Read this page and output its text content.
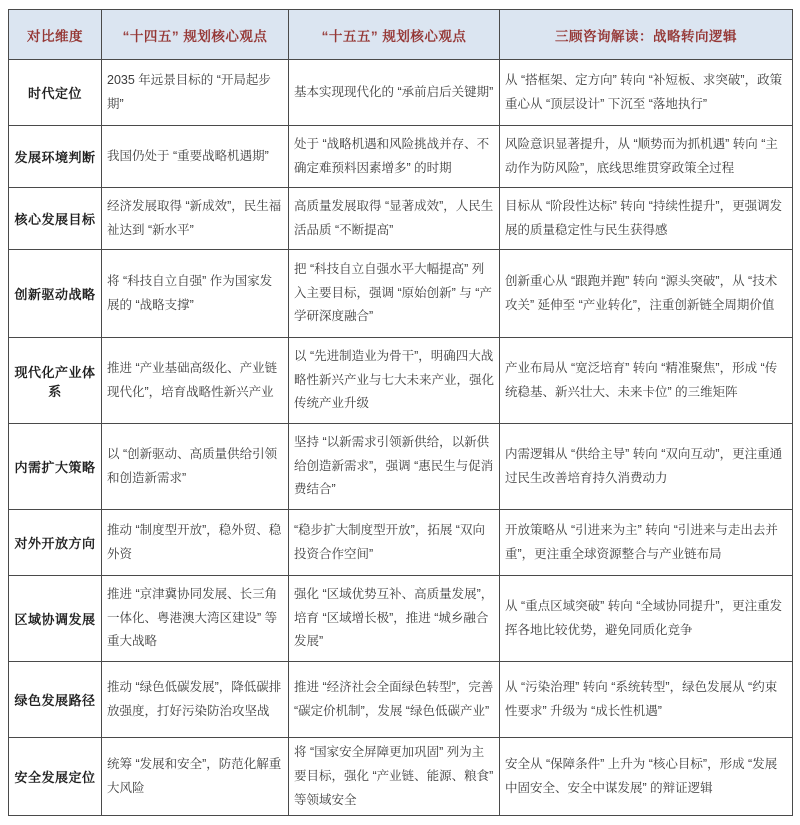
对比维度	“十四五” 规划核心观点	“十五五” 规划核心观点	三顾咨询解读：战略转向逻辑
时代定位	2035 年远景目标的 “开局起步期”	基本实现现代化的 “承前启后关键期”	从 “搭框架、定方向” 转向 “补短板、求突破”，政策重心从 “顶层设计” 下沉至 “落地执行”
发展环境判断	我国仍处于 “重要战略机遇期”	处于 “战略机遇和风险挑战并存、不确定难预料因素增多” 的时期	风险意识显著提升，从 “顺势而为抓机遇” 转向 “主动作为防风险”，底线思维贯穿政策全过程
核心发展目标	经济发展取得 “新成效”，民生福祉达到 “新水平”	高质量发展取得 “显著成效”，人民生活品质 “不断提高”	目标从 “阶段性达标” 转向 “持续性提升”，更强调发展的质量稳定性与民生获得感
创新驱动战略	将 “科技自立自强” 作为国家发展的 “战略支撑”	把 “科技自立自强水平大幅提高” 列入主要目标，强调 “原始创新” 与 “产学研深度融合”	创新重心从 “跟跑并跑” 转向 “源头突破”，从 “技术攻关” 延伸至 “产业转化”，注重创新链全周期价值
现代化产业体系	推进 “产业基础高级化、产业链现代化”，培育战略性新兴产业	以 “先进制造业为骨干”，明确四大战略性新兴产业与七大未来产业，强化传统产业升级	产业布局从 “宽泛培育” 转向 “精准聚焦”，形成 “传统稳基、新兴壮大、未来卡位” 的三维矩阵
内需扩大策略	以 “创新驱动、高质量供给引领和创造新需求”	坚持 “以新需求引领新供给，以新供给创造新需求”，强调 “惠民生与促消费结合”	内需逻辑从 “供给主导” 转向 “双向互动”，更注重通过民生改善培育持久消费动力
对外开放方向	推动 “制度型开放”，稳外贸、稳外资	“稳步扩大制度型开放”，拓展 “双向投资合作空间”	开放策略从 “引进来为主” 转向 “引进来与走出去并重”，更注重全球资源整合与产业链布局
区域协调发展	推进 “京津冀协同发展、长三角一体化、粤港澳大湾区建设” 等重大战略	强化 “区域优势互补、高质量发展”，培育 “区域增长极”，推进 “城乡融合发展”	从 “重点区域突破” 转向 “全域协同提升”，更注重发挥各地比较优势，避免同质化竞争
绿色发展路径	推动 “绿色低碳发展”，降低碳排放强度，打好污染防治攻坚战	推进 “经济社会全面绿色转型”，完善 “碳定价机制”，发展 “绿色低碳产业”	从 “污染治理” 转向 “系统转型”，绿色发展从 “约束性要求” 升级为 “成长性机遇”
安全发展定位	统筹 “发展和安全”，防范化解重大风险	将 “国家安全屏障更加巩固” 列为主要目标，强化 “产业链、能源、粮食” 等领域安全	安全从 “保障条件” 上升为 “核心目标”，形成 “发展中固安全、安全中谋发展” 的辩证逻辑
